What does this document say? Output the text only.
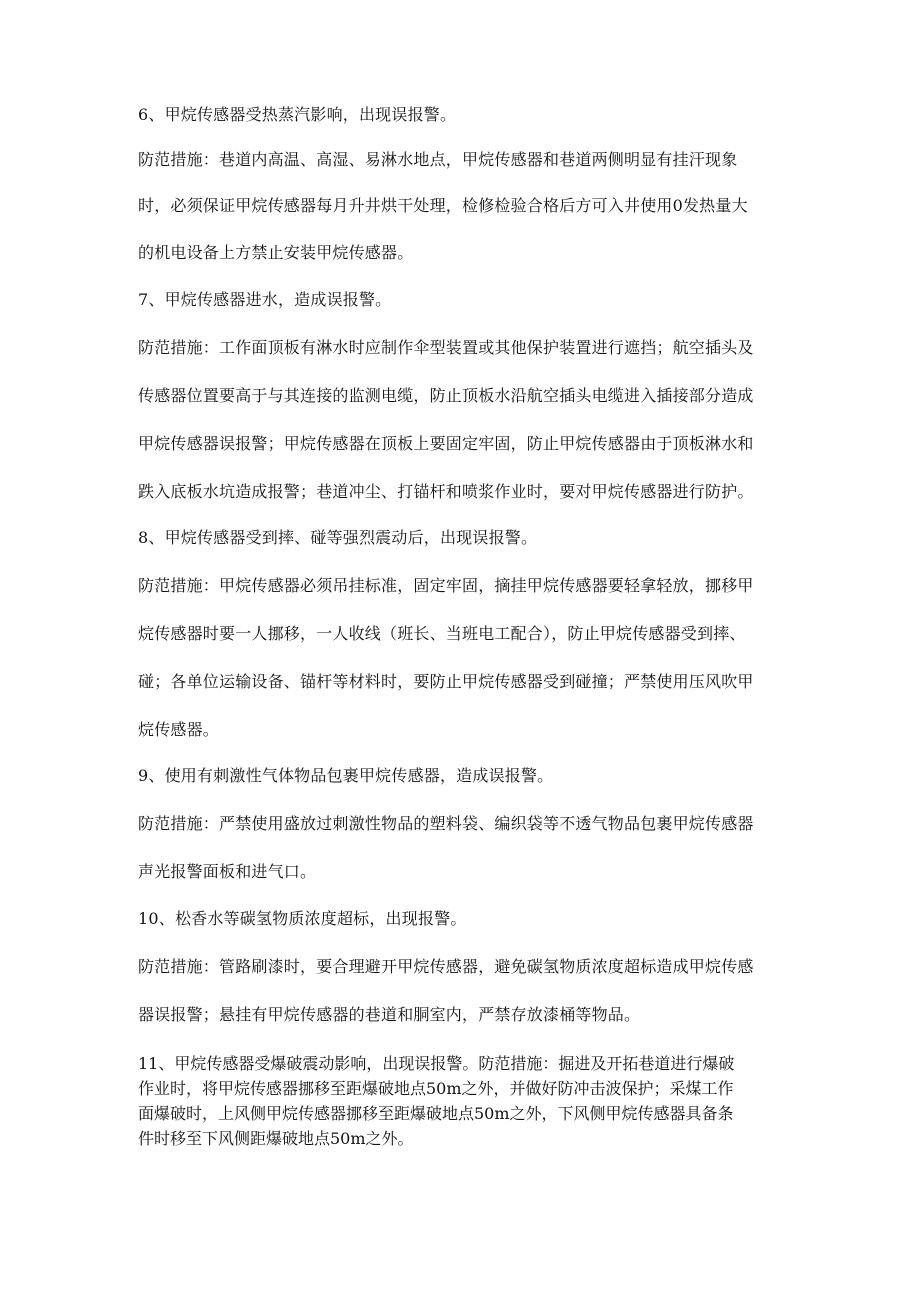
6、甲烷传感器受热蒸汽影响，出现误报警。
防范措施：巷道内高温、高湿、易淋水地点，甲烷传感器和巷道两侧明显有挂汗现象
时，必须保证甲烷传感器每月升井烘干处理，检修检验合格后方可入井使用0发热量大
的机电设备上方禁止安装甲烷传感器。
7、甲烷传感器进水，造成误报警。
防范措施：工作面顶板有淋水时应制作伞型装置或其他保护装置进行遮挡；航空插头及
传感器位置要高于与其连接的监测电缆，防止顶板水沿航空插头电缆进入插接部分造成
甲烷传感器误报警；甲烷传感器在顶板上要固定牢固，防止甲烷传感器由于顶板淋水和
跌入底板水坑造成报警；巷道冲尘、打锚杆和喷浆作业时，要对甲烷传感器进行防护。
8、甲烷传感器受到摔、碰等强烈震动后，出现误报警。
防范措施：甲烷传感器必须吊挂标准，固定牢固，摘挂甲烷传感器要轻拿轻放，挪移甲
烷传感器时要一人挪移，一人收线（班长、当班电工配合），防止甲烷传感器受到摔、
碰；各单位运输设备、锚杆等材料时，要防止甲烷传感器受到碰撞；严禁使用压风吹甲
烷传感器。
9、使用有刺激性气体物品包裹甲烷传感器，造成误报警。
防范措施：严禁使用盛放过刺激性物品的塑料袋、编织袋等不透气物品包裹甲烷传感器
声光报警面板和进气口。
10、松香水等碳氢物质浓度超标，出现报警。
防范措施：管路刷漆时，要合理避开甲烷传感器，避免碳氢物质浓度超标造成甲烷传感
器误报警；悬挂有甲烷传感器的巷道和胴室内，严禁存放漆桶等物品。
11、甲烷传感器受爆破震动影响，出现误报警。防范措施：掘进及开拓巷道进行爆破
作业时，将甲烷传感器挪移至距爆破地点50m之外，并做好防冲击波保护；采煤工作
面爆破时，上风侧甲烷传感器挪移至距爆破地点50m之外，下风侧甲烷传感器具备条
件时移至下风侧距爆破地点50m之外。
